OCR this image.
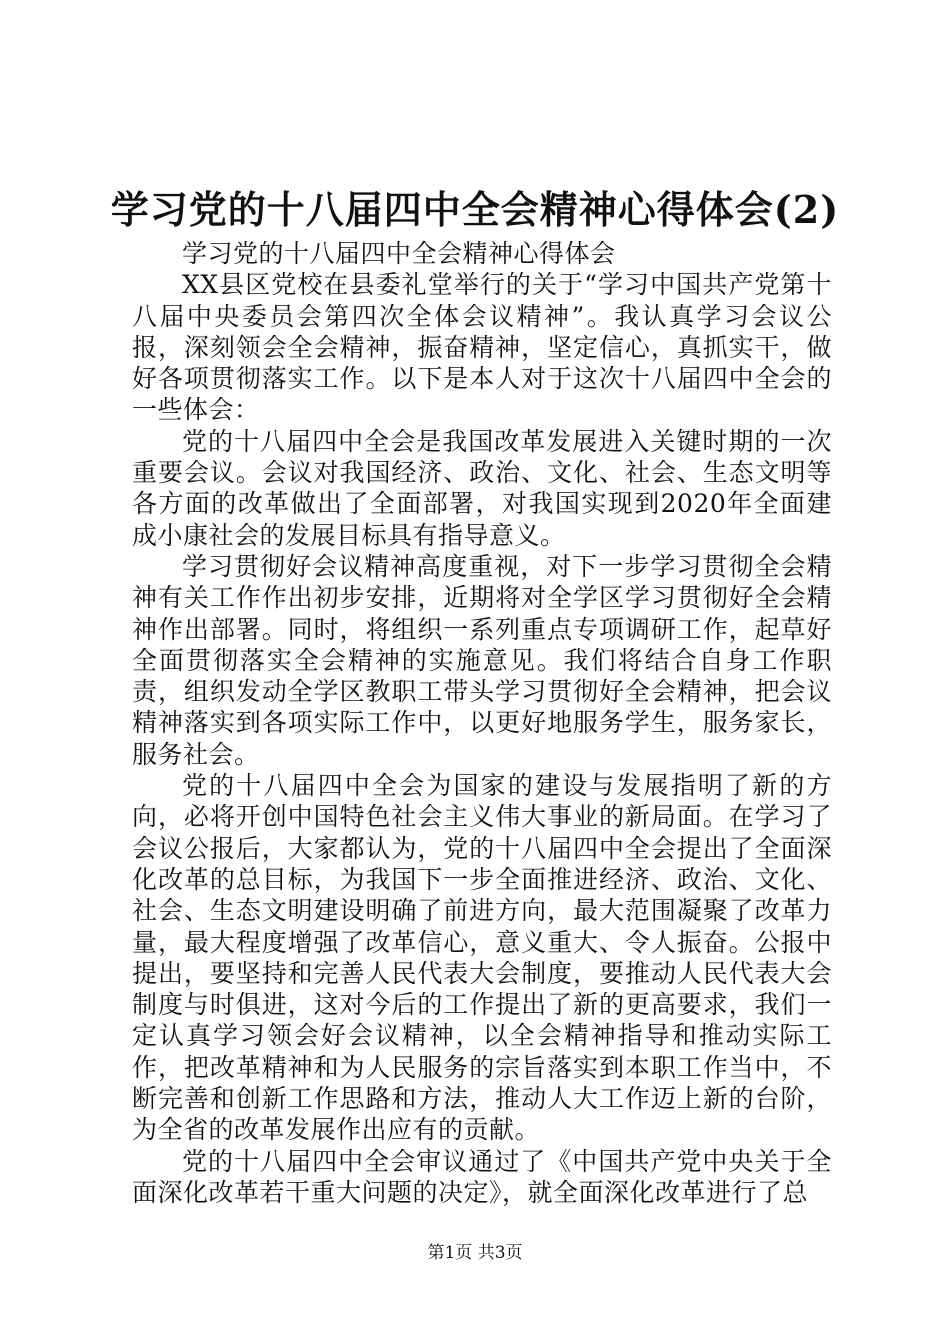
学习党的十八届四中全会精神心得体会(2)

学习党的十八届四中全会精神心得体会

XX县区党校在县委礼堂举行的关于“学习中国共产党第十八届中央委员会第四次全体会议精神”。我认真学习会议公报，深刻领会全会精神，振奋精神，坚定信心，真抓实干，做好各项贯彻落实工作。以下是本人对于这次十八届四中全会的一些体会：

党的十八届四中全会是我国改革发展进入关键时期的一次重要会议。会议对我国经济、政治、文化、社会、生态文明等各方面的改革做出了全面部署，对我国实现到2020年全面建成小康社会的发展目标具有指导意义。

学习贯彻好会议精神高度重视，对下一步学习贯彻全会精神有关工作作出初步安排，近期将对全学区学习贯彻好全会精神作出部署。同时，将组织一系列重点专项调研工作，起草好全面贯彻落实全会精神的实施意见。我们将结合自身工作职责，组织发动全学区教职工带头学习贯彻好全会精神，把会议精神落实到各项实际工作中，以更好地服务学生，服务家长，服务社会。

党的十八届四中全会为国家的建设与发展指明了新的方向，必将开创中国特色社会主义伟大事业的新局面。在学习了会议公报后，大家都认为，党的十八届四中全会提出了全面深化改革的总目标，为我国下一步全面推进经济、政治、文化、社会、生态文明建设明确了前进方向，最大范围凝聚了改革力量，最大程度增强了改革信心，意义重大、令人振奋。公报中提出，要坚持和完善人民代表大会制度，要推动人民代表大会制度与时俱进，这对今后的工作提出了新的更高要求，我们一定认真学习领会好会议精神，以全会精神指导和推动实际工作，把改革精神和为人民服务的宗旨落实到本职工作当中，不断完善和创新工作思路和方法，推动人大工作迈上新的台阶，为全省的改革发展作出应有的贡献。

党的十八届四中全会审议通过了《中国共产党中央关于全面深化改革若干重大问题的决定》，就全面深化改革进行了总

第1页 共3页
